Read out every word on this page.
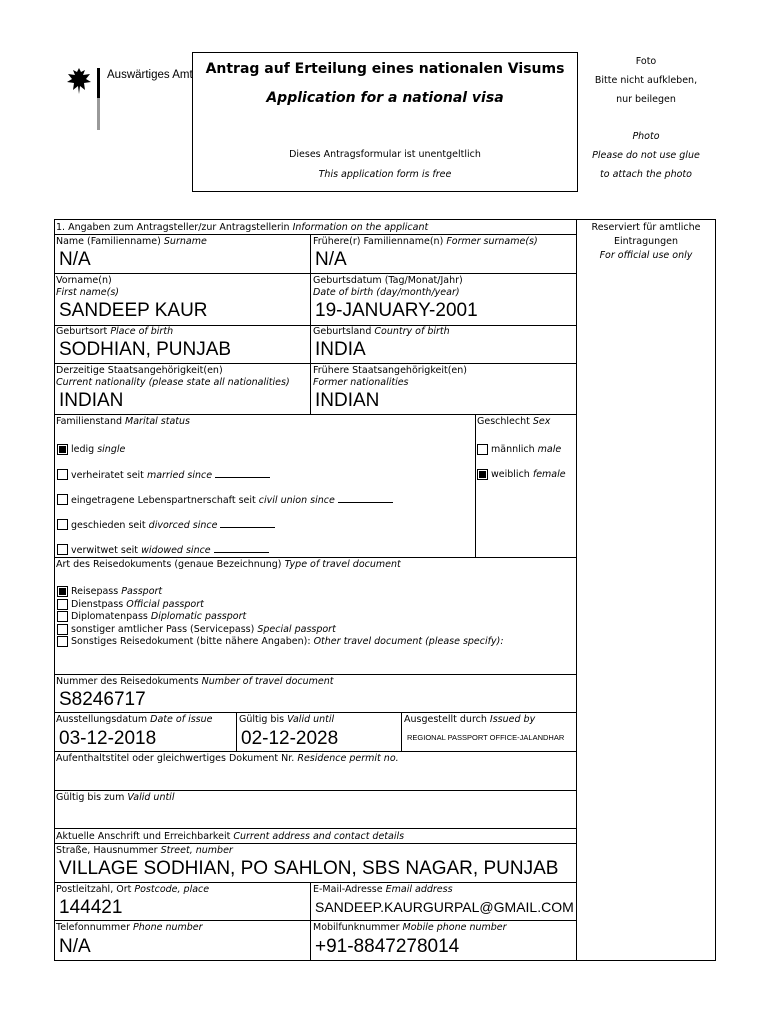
Auswärtiges Amt Antrag auf Erteilung eines nationalen Visums
Application for a national visa
Dieses Antragsformular ist unentgeltlich
This application form is free
Foto
Bitte nicht aufkleben,
nur beilegen
Photo
Please do not use glue
to attach the photo
Reserviert für amtliche
Eintragungen
For official use only
1. Angaben zum Antragsteller/zur Antragstellerin Information on the applicant
Name (Familienname) Surname
N/A
Frühere(r) Familienname(n) Former surname(s)
N/A
Vorname(n)
First name(s)
SANDEEP KAUR
Geburtsdatum (Tag/Monat/Jahr)
Date of birth (day/month/year)
19-JANUARY-2001
Geburtsort Place of birth
SODHIAN, PUNJAB
Geburtsland Country of birth
INDIA
Derzeitige Staatsangehörigkeit(en)
Current nationality (please state all nationalities)
INDIAN
Frühere Staatsangehörigkeit(en)
Former nationalities
INDIAN
Familienstand Marital status
ledig single
verheiratet seit married since
eingetragene Lebenspartnerschaft seit civil union since
geschieden seit divorced since
verwitwet seit widowed since
Geschlecht Sex
männlich male
weiblich female
Art des Reisedokuments (genaue Bezeichnung) Type of travel document
Reisepass Passport
Dienstpass Official passport
Diplomatenpass Diplomatic passport
sonstiger amtlicher Pass (Servicepass) Special passport
Sonstiges Reisedokument (bitte nähere Angaben): Other travel document (please specify):
Nummer des Reisedokuments Number of travel document
S8246717
Ausstellungsdatum Date of issue
03-12-2018
Gültig bis Valid until
02-12-2028
Ausgestellt durch Issued by
REGIONAL PASSPORT OFFICE-JALANDHAR
Aufenthaltstitel oder gleichwertiges Dokument Nr. Residence permit no.
Gültig bis zum Valid until
Aktuelle Anschrift und Erreichbarkeit Current address and contact details
Straße, Hausnummer Street, number
VILLAGE SODHIAN, PO SAHLON, SBS NAGAR, PUNJAB
Postleitzahl, Ort Postcode, place
144421
E-Mail-Adresse Email address
SANDEEP.KAURGURPAL@GMAIL.COM
Telefonnummer Phone number
N/A
Mobilfunknummer Mobile phone number
+91-8847278014
